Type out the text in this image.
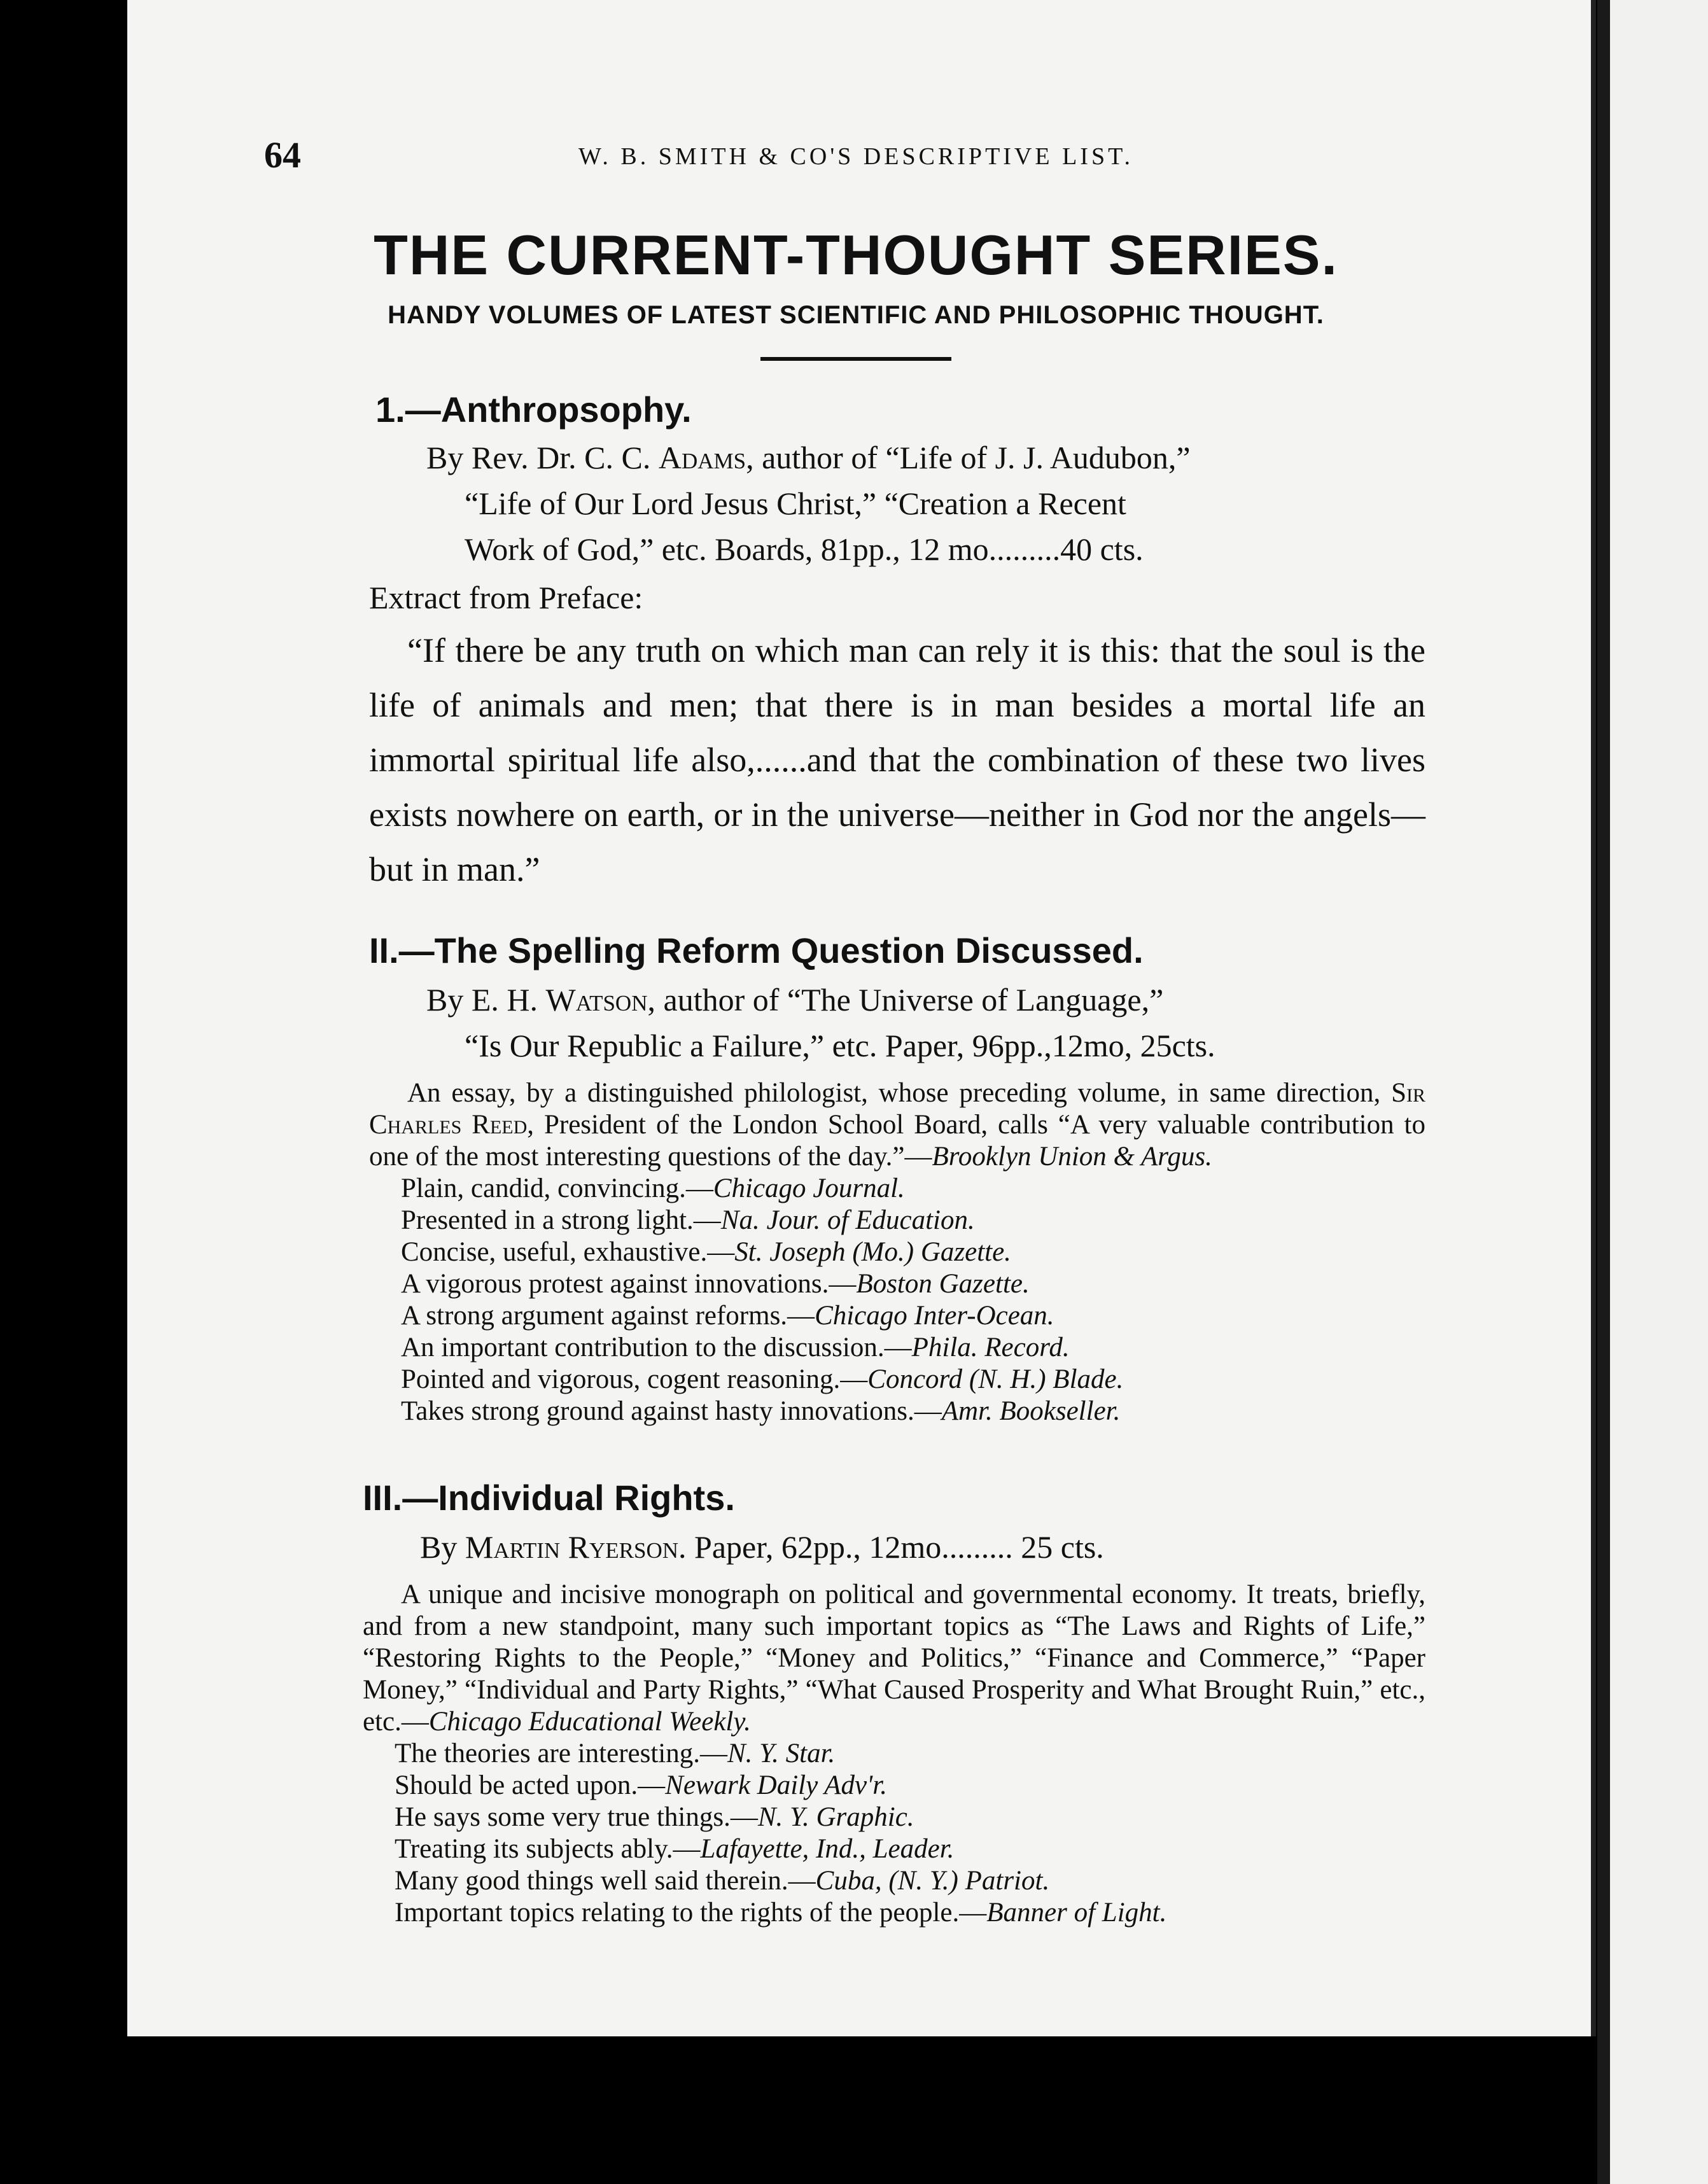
64	W. B. SMITH & CO'S DESCRIPTIVE LIST.
THE CURRENT-THOUGHT SERIES.
HANDY VOLUMES OF LATEST SCIENTIFIC AND PHILOSOPHIC THOUGHT.
1.—Anthropsophy.
By Rev. Dr. C. C. Adams, author of “Life of J. J. Audubon,”
“Life of Our Lord Jesus Christ,” “Creation a Recent
Work of God,” etc. Boards, 81pp., 12 mo.........40 cts.
Extract from Preface:
“If there be any truth on which man can rely it is this: that the soul is the life of animals and men; that there is in man besides a mortal life an immortal spiritual life also,......and that the combination of these two lives exists nowhere on earth, or in the universe—neither in God nor the angels—but in man.”
II.—The Spelling Reform Question Discussed.
By E. H. Watson, author of “The Universe of Language,”
“Is Our Republic a Failure,” etc. Paper, 96pp.,12mo, 25cts.
An essay, by a distinguished philologist, whose preceding volume, in same direction, Sir Charles Reed, President of the London School Board, calls “A very valuable contribution to one of the most interesting questions of the day.”—Brooklyn Union & Argus.
Plain, candid, convincing.—Chicago Journal.
Presented in a strong light.—Na. Jour. of Education.
Concise, useful, exhaustive.—St. Joseph (Mo.) Gazette.
A vigorous protest against innovations.—Boston Gazette.
A strong argument against reforms.—Chicago Inter-Ocean.
An important contribution to the discussion.—Phila. Record.
Pointed and vigorous, cogent reasoning.—Concord (N. H.) Blade.
Takes strong ground against hasty innovations.—Amr. Bookseller.
III.—Individual Rights.
By Martin Ryerson. Paper, 62pp., 12mo......... 25 cts.
A unique and incisive monograph on political and governmental economy. It treats, briefly, and from a new standpoint, many such important topics as “The Laws and Rights of Life,” “Restoring Rights to the People,” “Money and Politics,” “Finance and Commerce,” “Paper Money,” “Individual and Party Rights,” “What Caused Prosperity and What Brought Ruin,” etc., etc.—Chicago Educational Weekly.
The theories are interesting.—N. Y. Star.
Should be acted upon.—Newark Daily Adv'r.
He says some very true things.—N. Y. Graphic.
Treating its subjects ably.—Lafayette, Ind., Leader.
Many good things well said therein.—Cuba, (N. Y.) Patriot.
Important topics relating to the rights of the people.—Banner of Light.
